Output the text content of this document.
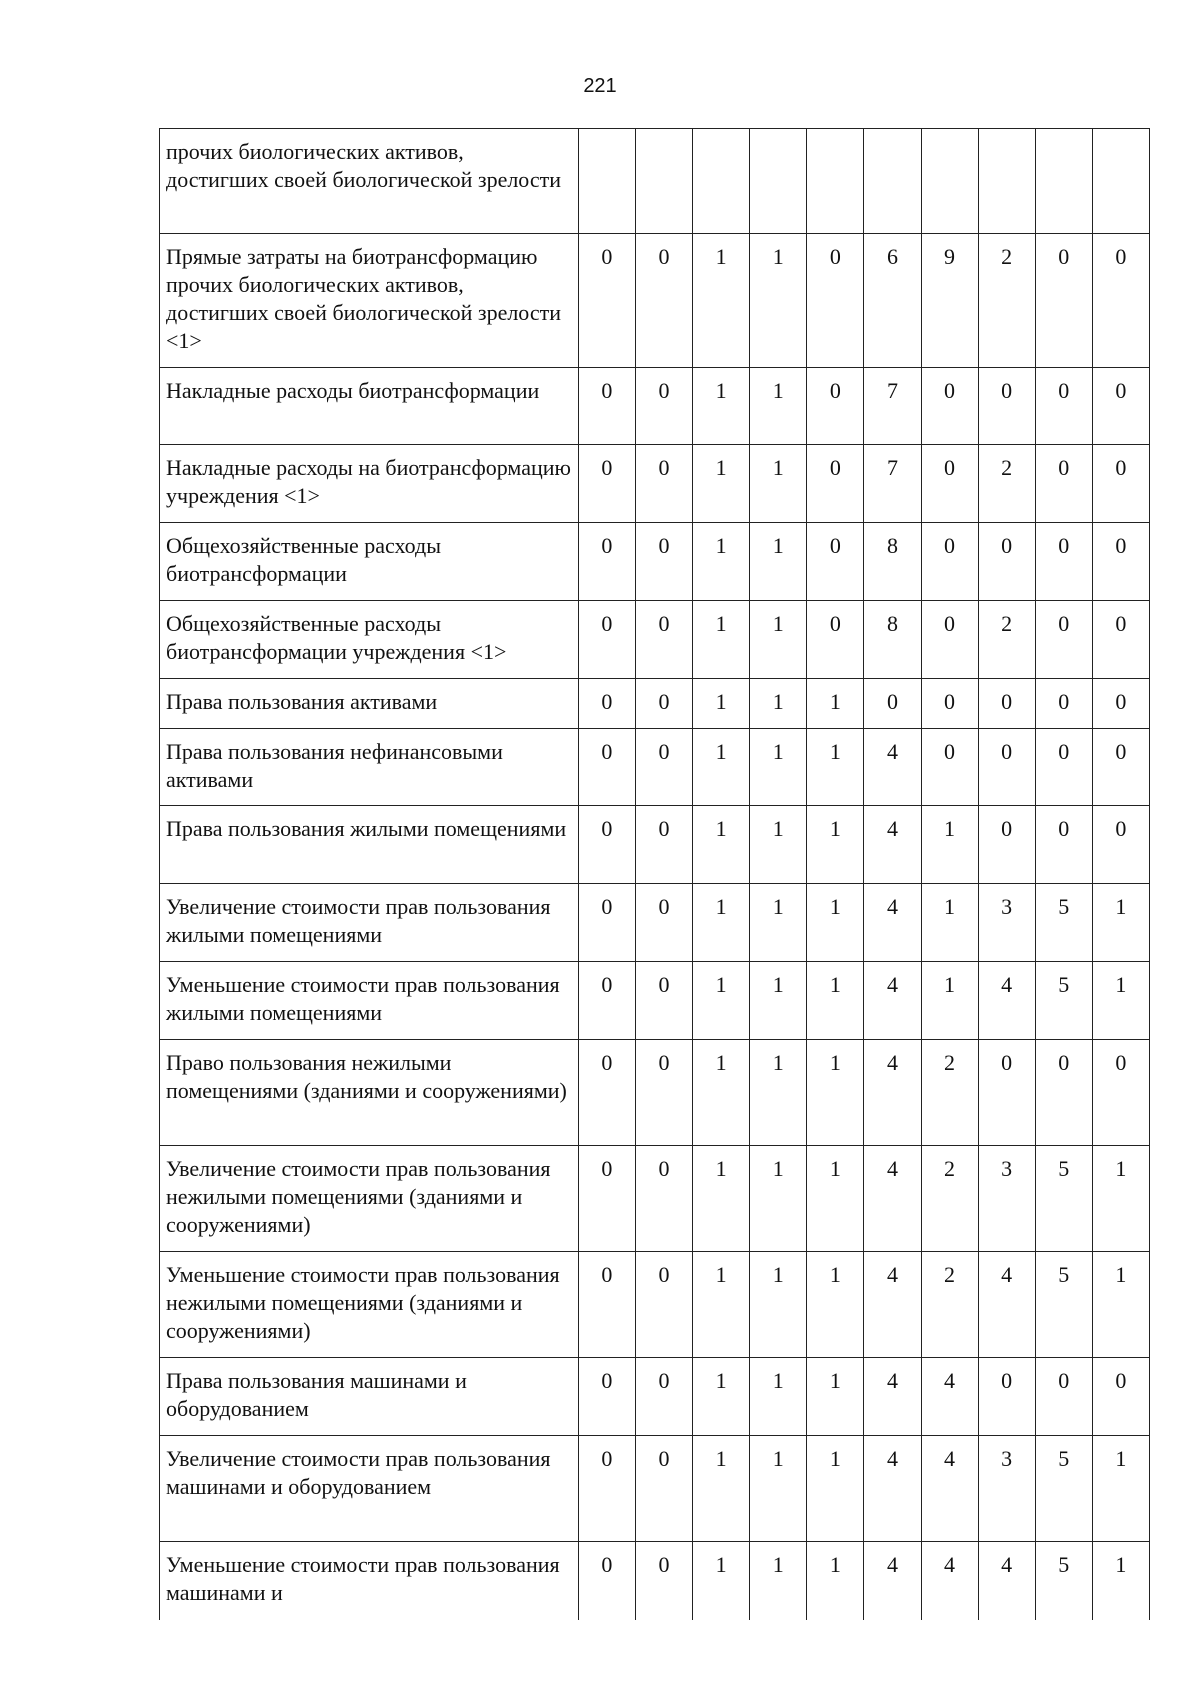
221
прочих биологических активов, достигших своей биологической зрелости										
Прямые затраты на биотрансформацию прочих биологических активов, достигших своей биологической зрелости <1>	0	0	1	1	0	6	9	2	0	0
Накладные расходы биотрансформации	0	0	1	1	0	7	0	0	0	0
Накладные расходы на биотрансформацию учреждения <1>	0	0	1	1	0	7	0	2	0	0
Общехозяйственные расходы биотрансформации	0	0	1	1	0	8	0	0	0	0
Общехозяйственные расходы биотрансформации учреждения <1>	0	0	1	1	0	8	0	2	0	0
Права пользования активами	0	0	1	1	1	0	0	0	0	0
Права пользования нефинансовыми активами	0	0	1	1	1	4	0	0	0	0
Права пользования жилыми помещениями	0	0	1	1	1	4	1	0	0	0
Увеличение стоимости прав пользования жилыми помещениями	0	0	1	1	1	4	1	3	5	1
Уменьшение стоимости прав пользования жилыми помещениями	0	0	1	1	1	4	1	4	5	1
Право пользования нежилыми помещениями (зданиями и сооружениями)	0	0	1	1	1	4	2	0	0	0
Увеличение стоимости прав пользования нежилыми помещениями (зданиями и сооружениями)	0	0	1	1	1	4	2	3	5	1
Уменьшение стоимости прав пользования нежилыми помещениями (зданиями и сооружениями)	0	0	1	1	1	4	2	4	5	1
Права пользования машинами и оборудованием	0	0	1	1	1	4	4	0	0	0
Увеличение стоимости прав пользования машинами и оборудованием	0	0	1	1	1	4	4	3	5	1
Уменьшение стоимости прав пользования машинами и	0	0	1	1	1	4	4	4	5	1
